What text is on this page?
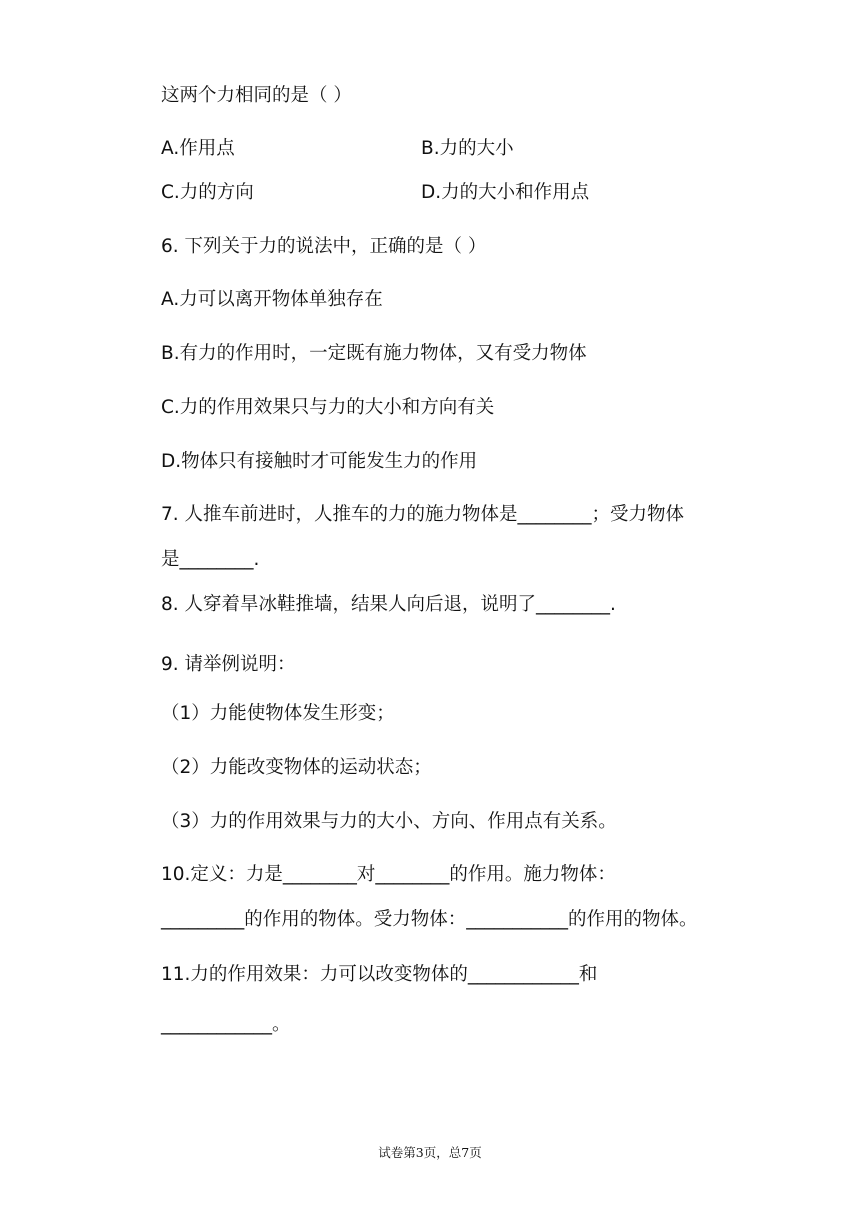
这两个力相同的是（ ）
A.作用点	B.力的大小
C.力的方向	D.力的大小和作用点
6. 下列关于力的说法中，正确的是（ ）
A.力可以离开物体单独存在
B.有力的作用时，一定既有施力物体，又有受力物体
C.力的作用效果只与力的大小和方向有关
D.物体只有接触时才可能发生力的作用
7. 人推车前进时，人推车的力的施力物体是________；受力物体
是________.
8. 人穿着旱冰鞋推墙，结果人向后退，说明了________.
9. 请举例说明：
（1）力能使物体发生形变；
（2）力能改变物体的运动状态；
（3）力的作用效果与力的大小、方向、作用点有关系。
10.定义：力是________对________的作用。施力物体：
_________的作用的物体。受力物体：___________的作用的物体。
11.力的作用效果：力可以改变物体的____________和
____________。
试卷第3页，总7页
